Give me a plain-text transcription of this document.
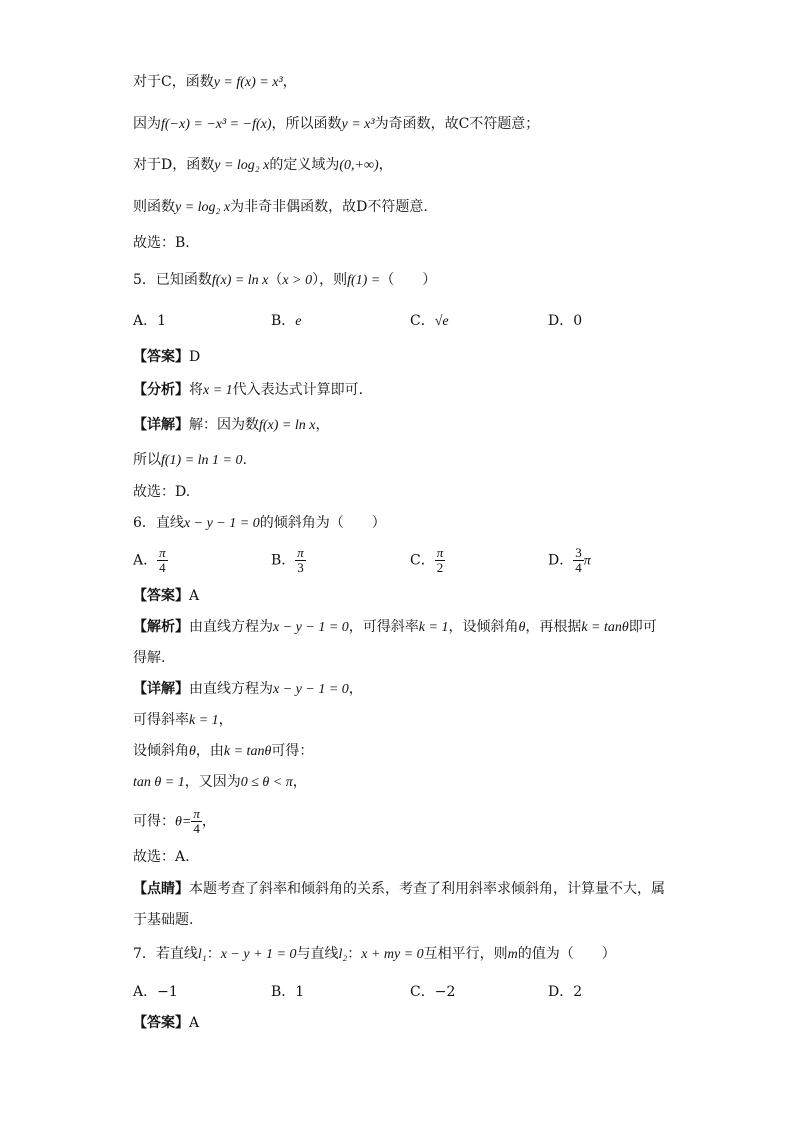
对于C，函数y = f(x) = x³，
因为f(−x) = −x³ = −f(x)，所以函数y = x³为奇函数，故C不符题意；
对于D，函数y = log₂ x的定义域为(0,+∞)，
则函数y = log₂ x为非奇非偶函数，故D不符题意.
故选：B.
5．已知函数f(x) = ln x（x > 0），则f(1) =（　　）
A．1	B．e	C．√e	D．0
【答案】D
【分析】将x = 1代入表达式计算即可.
【详解】解：因为数f(x) = ln x，
所以f(1) = ln 1 = 0.
故选：D.
6．直线x − y − 1 = 0的倾斜角为（　　）
A． $\frac{\pi}{4}$	B． $\frac{\pi}{3}$	C． $\frac{\pi}{2}$	D． $\frac{3}{4}$ π
【答案】A
【解析】由直线方程为x − y − 1 = 0，可得斜率k = 1，设倾斜角θ，再根据k = tanθ即可
得解.
【详解】由直线方程为x − y − 1 = 0，
可得斜率k = 1，
设倾斜角θ，由k = tanθ可得：
tan θ = 1，又因为0 ≤ θ < π，
可得：$\theta= \frac{\pi}{4}$ ，
故选：A.
【点睛】本题考查了斜率和倾斜角的关系，考查了利用斜率求倾斜角，计算量不大，属
于基础题.
7．若直线l₁：x − y + 1 = 0与直线l₂：x + my = 0互相平行，则m的值为（　　）
A．−1	B．1	C．−2	D．2
【答案】A
